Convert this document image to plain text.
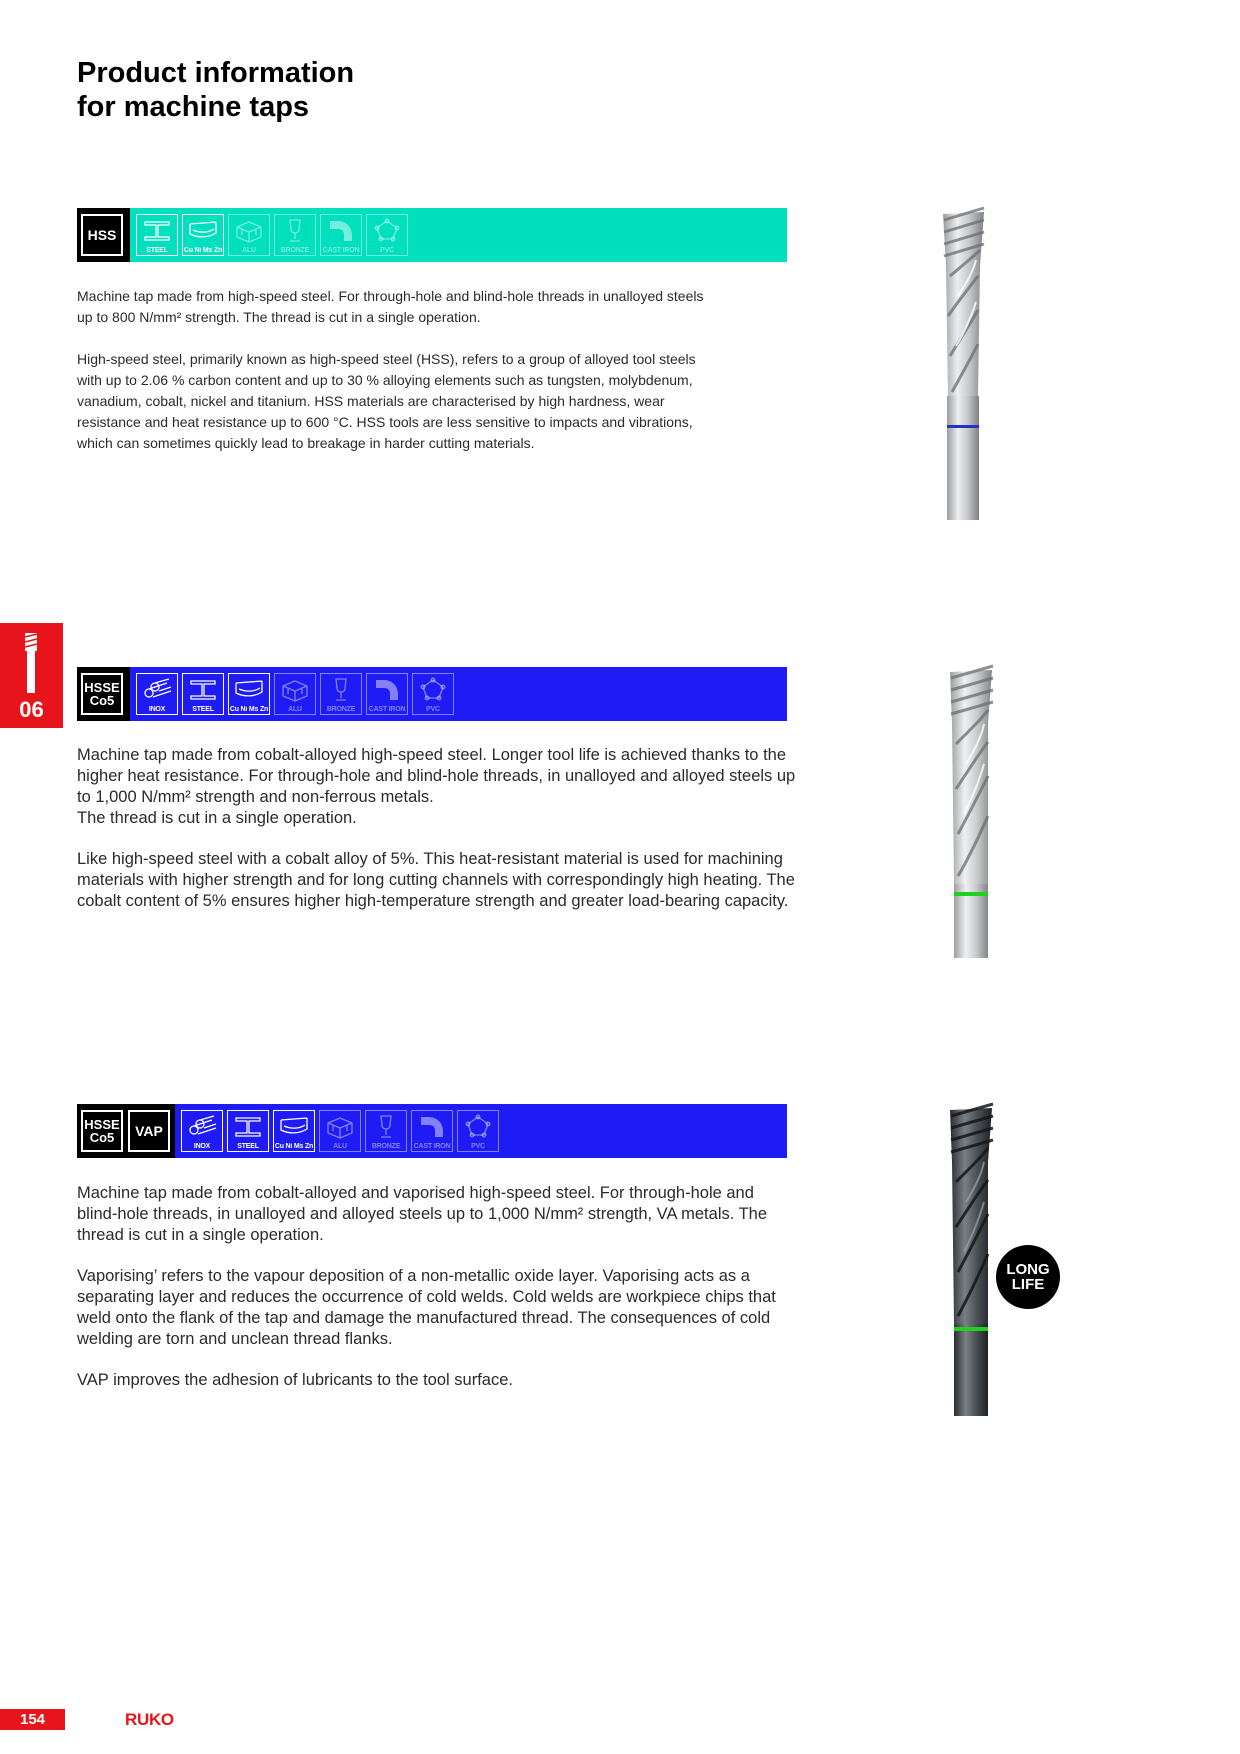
Product information
for machine taps
HSS
STEEL	Cu Ni Ms Zn	ALU	BRONZE	CAST IRON	PVC

Machine tap made from high-speed steel. For through-hole and blind-hole threads in unalloyed steels up to 800 N/mm² strength. The thread is cut in a single operation.

High-speed steel, primarily known as high-speed steel (HSS), refers to a group of alloyed tool steels with up to 2.06 % carbon content and up to 30 % alloying elements such as tungsten, molybdenum, vanadium, cobalt, nickel and titanium. HSS materials are characterised by high hardness, wear resistance and heat resistance up to 600 °C. HSS tools are less sensitive to impacts and vibrations, which can sometimes quickly lead to breakage in harder cutting materials.

06
HSSE
Co5
INOX	STEEL	Cu Ni Ms Zn	ALU	BRONZE	CAST IRON	PVC

Machine tap made from cobalt-alloyed high-speed steel. Longer tool life is achieved thanks to the higher heat resistance. For through-hole and blind-hole threads, in unalloyed and alloyed steels up to 1,000 N/mm² strength and non-ferrous metals.
The thread is cut in a single operation.

Like high-speed steel with a cobalt alloy of 5%. This heat-resistant material is used for machining materials with higher strength and for long cutting channels with correspondingly high heating. The cobalt content of 5% ensures higher high-temperature strength and greater load-bearing capacity.

HSSE
Co5 VAP
INOX	STEEL	Cu Ni Ms Zn	ALU	BRONZE	CAST IRON	PVC

Machine tap made from cobalt-alloyed and vaporised high-speed steel. For through-hole and blind-hole threads, in unalloyed and alloyed steels up to 1,000 N/mm² strength, VA metals. The thread is cut in a single operation.

Vaporising’ refers to the vapour deposition of a non-metallic oxide layer. Vaporising acts as a separating layer and reduces the occurrence of cold welds. Cold welds are workpiece chips that weld onto the flank of the tap and damage the manufactured thread. The consequences of cold welding are torn and unclean thread flanks.

VAP improves the adhesion of lubricants to the tool surface.

LONG
LIFE
154	RUKO
